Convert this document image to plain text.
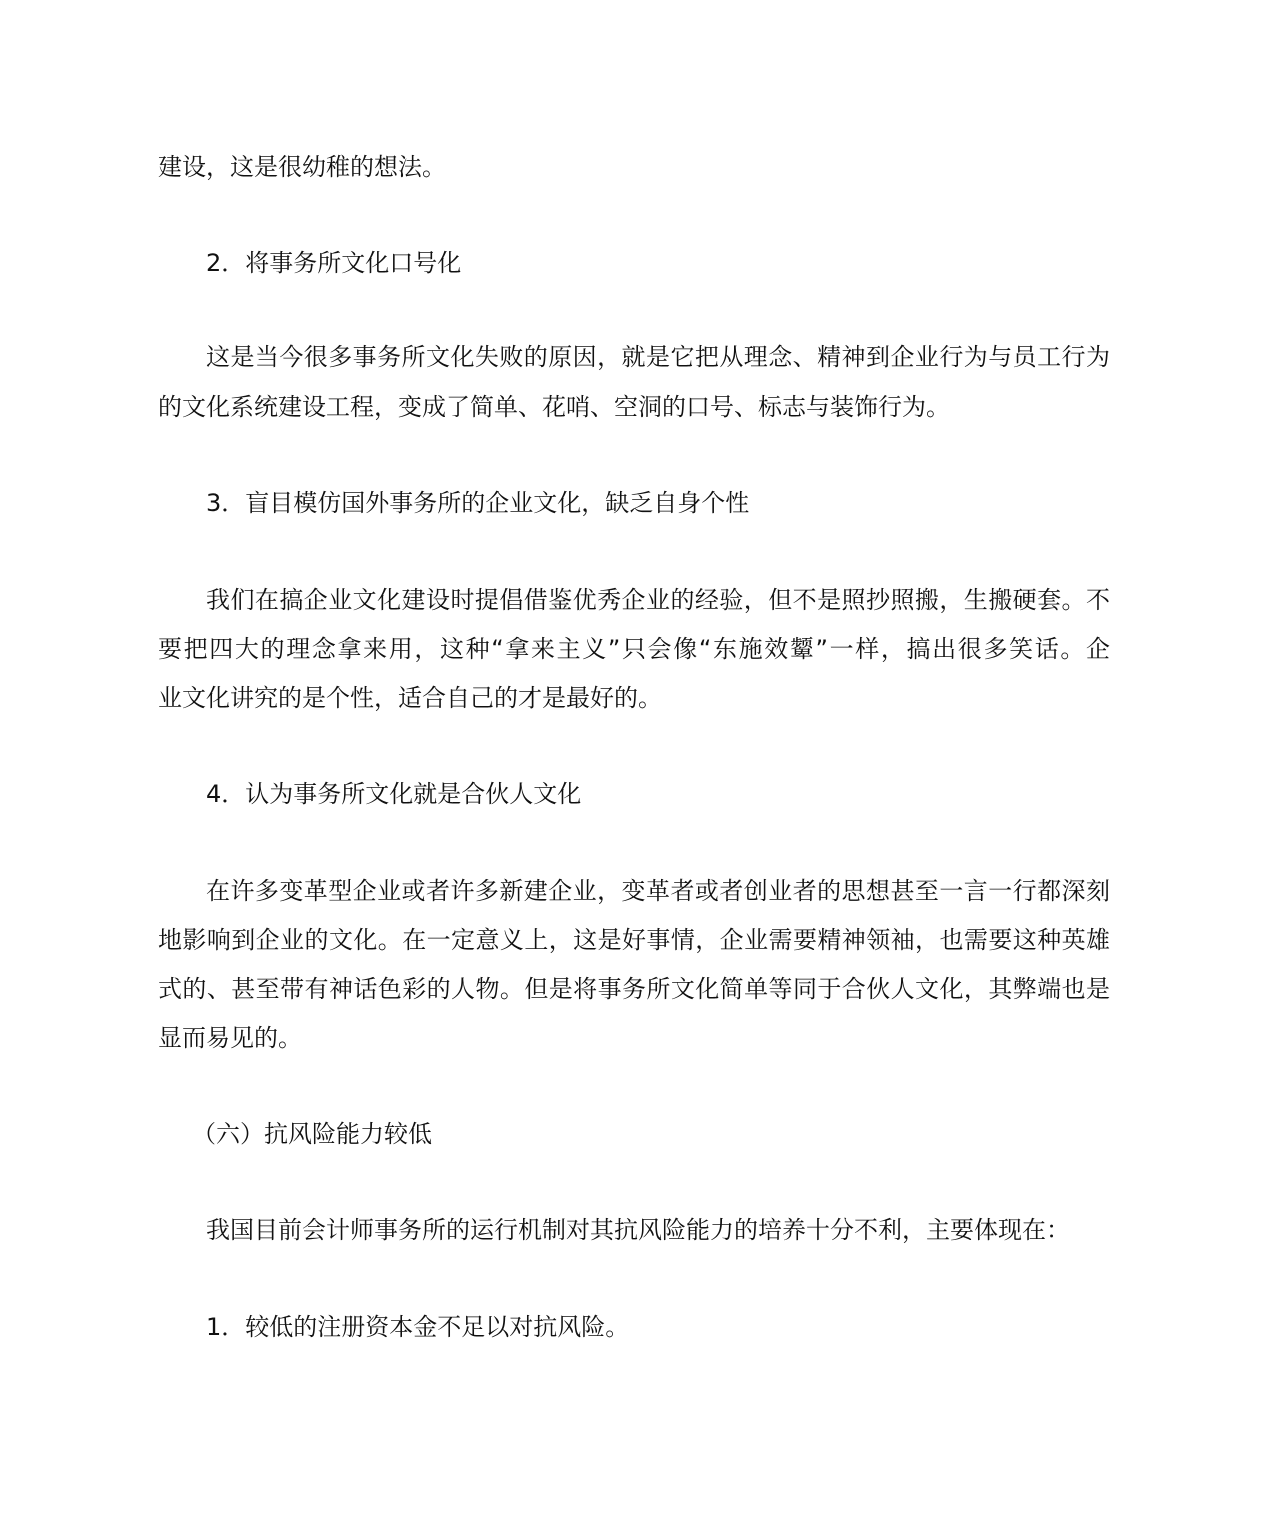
建设，这是很幼稚的想法。
2．将事务所文化口号化
这是当今很多事务所文化失败的原因，就是它把从理念、精神到企业行为与员工行为
的文化系统建设工程，变成了简单、花哨、空洞的口号、标志与装饰行为。
3．盲目模仿国外事务所的企业文化，缺乏自身个性
我们在搞企业文化建设时提倡借鉴优秀企业的经验，但不是照抄照搬，生搬硬套。不
要把四大的理念拿来用，这种“拿来主义”只会像“东施效颦”一样，搞出很多笑话。企
业文化讲究的是个性，适合自己的才是最好的。
4．认为事务所文化就是合伙人文化
在许多变革型企业或者许多新建企业，变革者或者创业者的思想甚至一言一行都深刻
地影响到企业的文化。在一定意义上，这是好事情，企业需要精神领袖，也需要这种英雄
式的、甚至带有神话色彩的人物。但是将事务所文化简单等同于合伙人文化，其弊端也是
显而易见的。
（六）抗风险能力较低
我国目前会计师事务所的运行机制对其抗风险能力的培养十分不利，主要体现在：
1．较低的注册资本金不足以对抗风险。
